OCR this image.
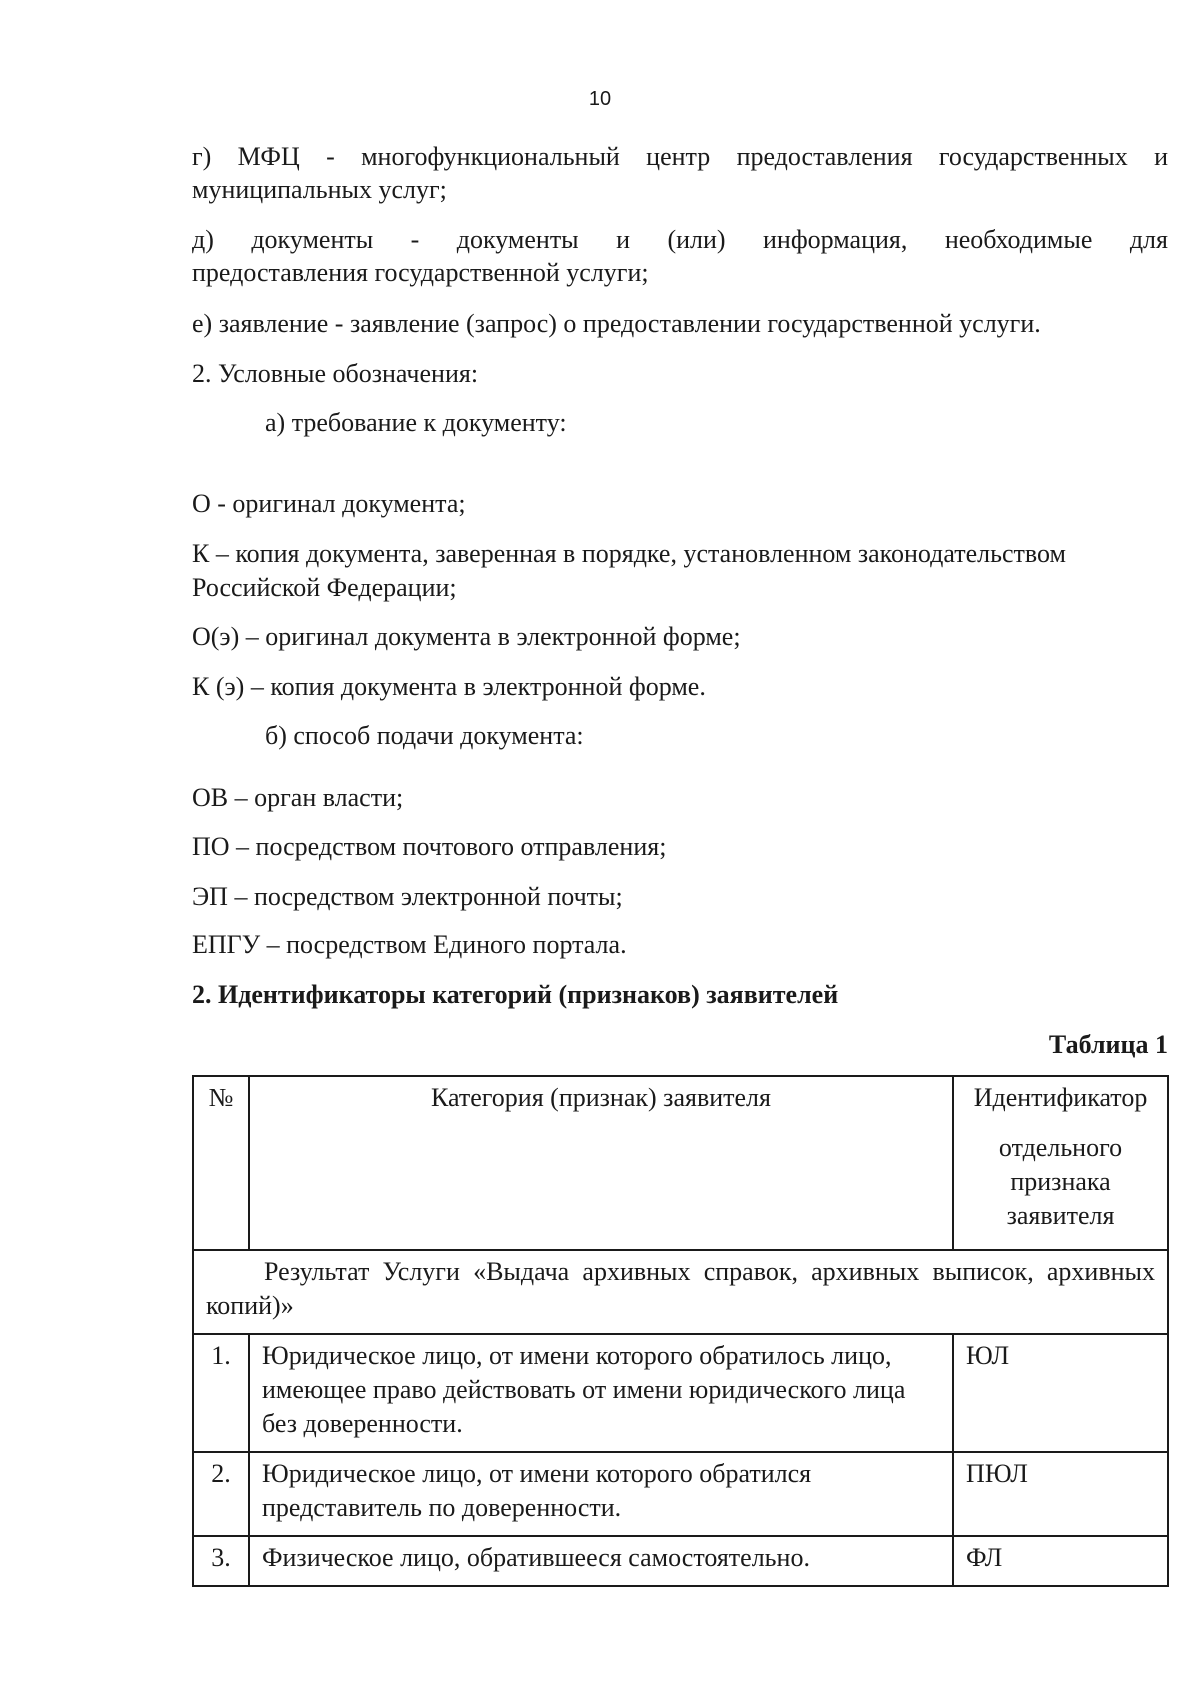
10
г) МФЦ - многофункциональный центр предоставления государственных и
муниципальных услуг;
д) документы - документы и (или) информация, необходимые для
предоставления государственной услуги;
е) заявление - заявление (запрос) о предоставлении государственной услуги.
2. Условные обозначения:
а) требование к документу:
О - оригинал документа;
К – копия документа, заверенная в порядке, установленном законодательством Российской Федерации;
О(э) – оригинал документа в электронной форме;
К (э) – копия документа в электронной форме.
б) способ подачи документа:
ОВ – орган власти;
ПО – посредством почтового отправления;
ЭП – посредством электронной почты;
ЕПГУ – посредством Единого портала.
2. Идентификаторы категорий (признаков) заявителей
Таблица 1
№	Категория (признак) заявителя	Идентификатор
отдельного признака заявителя
Результат Услуги «Выдача архивных справок, архивных выписок, архивных копий)»		
1.	Юридическое лицо, от имени которого обратилось лицо, имеющее право действовать от имени юридического лица без доверенности.	ЮЛ
2.	Юридическое лицо, от имени которого обратился представитель по доверенности.	ПЮЛ
3.	Физическое лицо, обратившееся самостоятельно.	ФЛ
